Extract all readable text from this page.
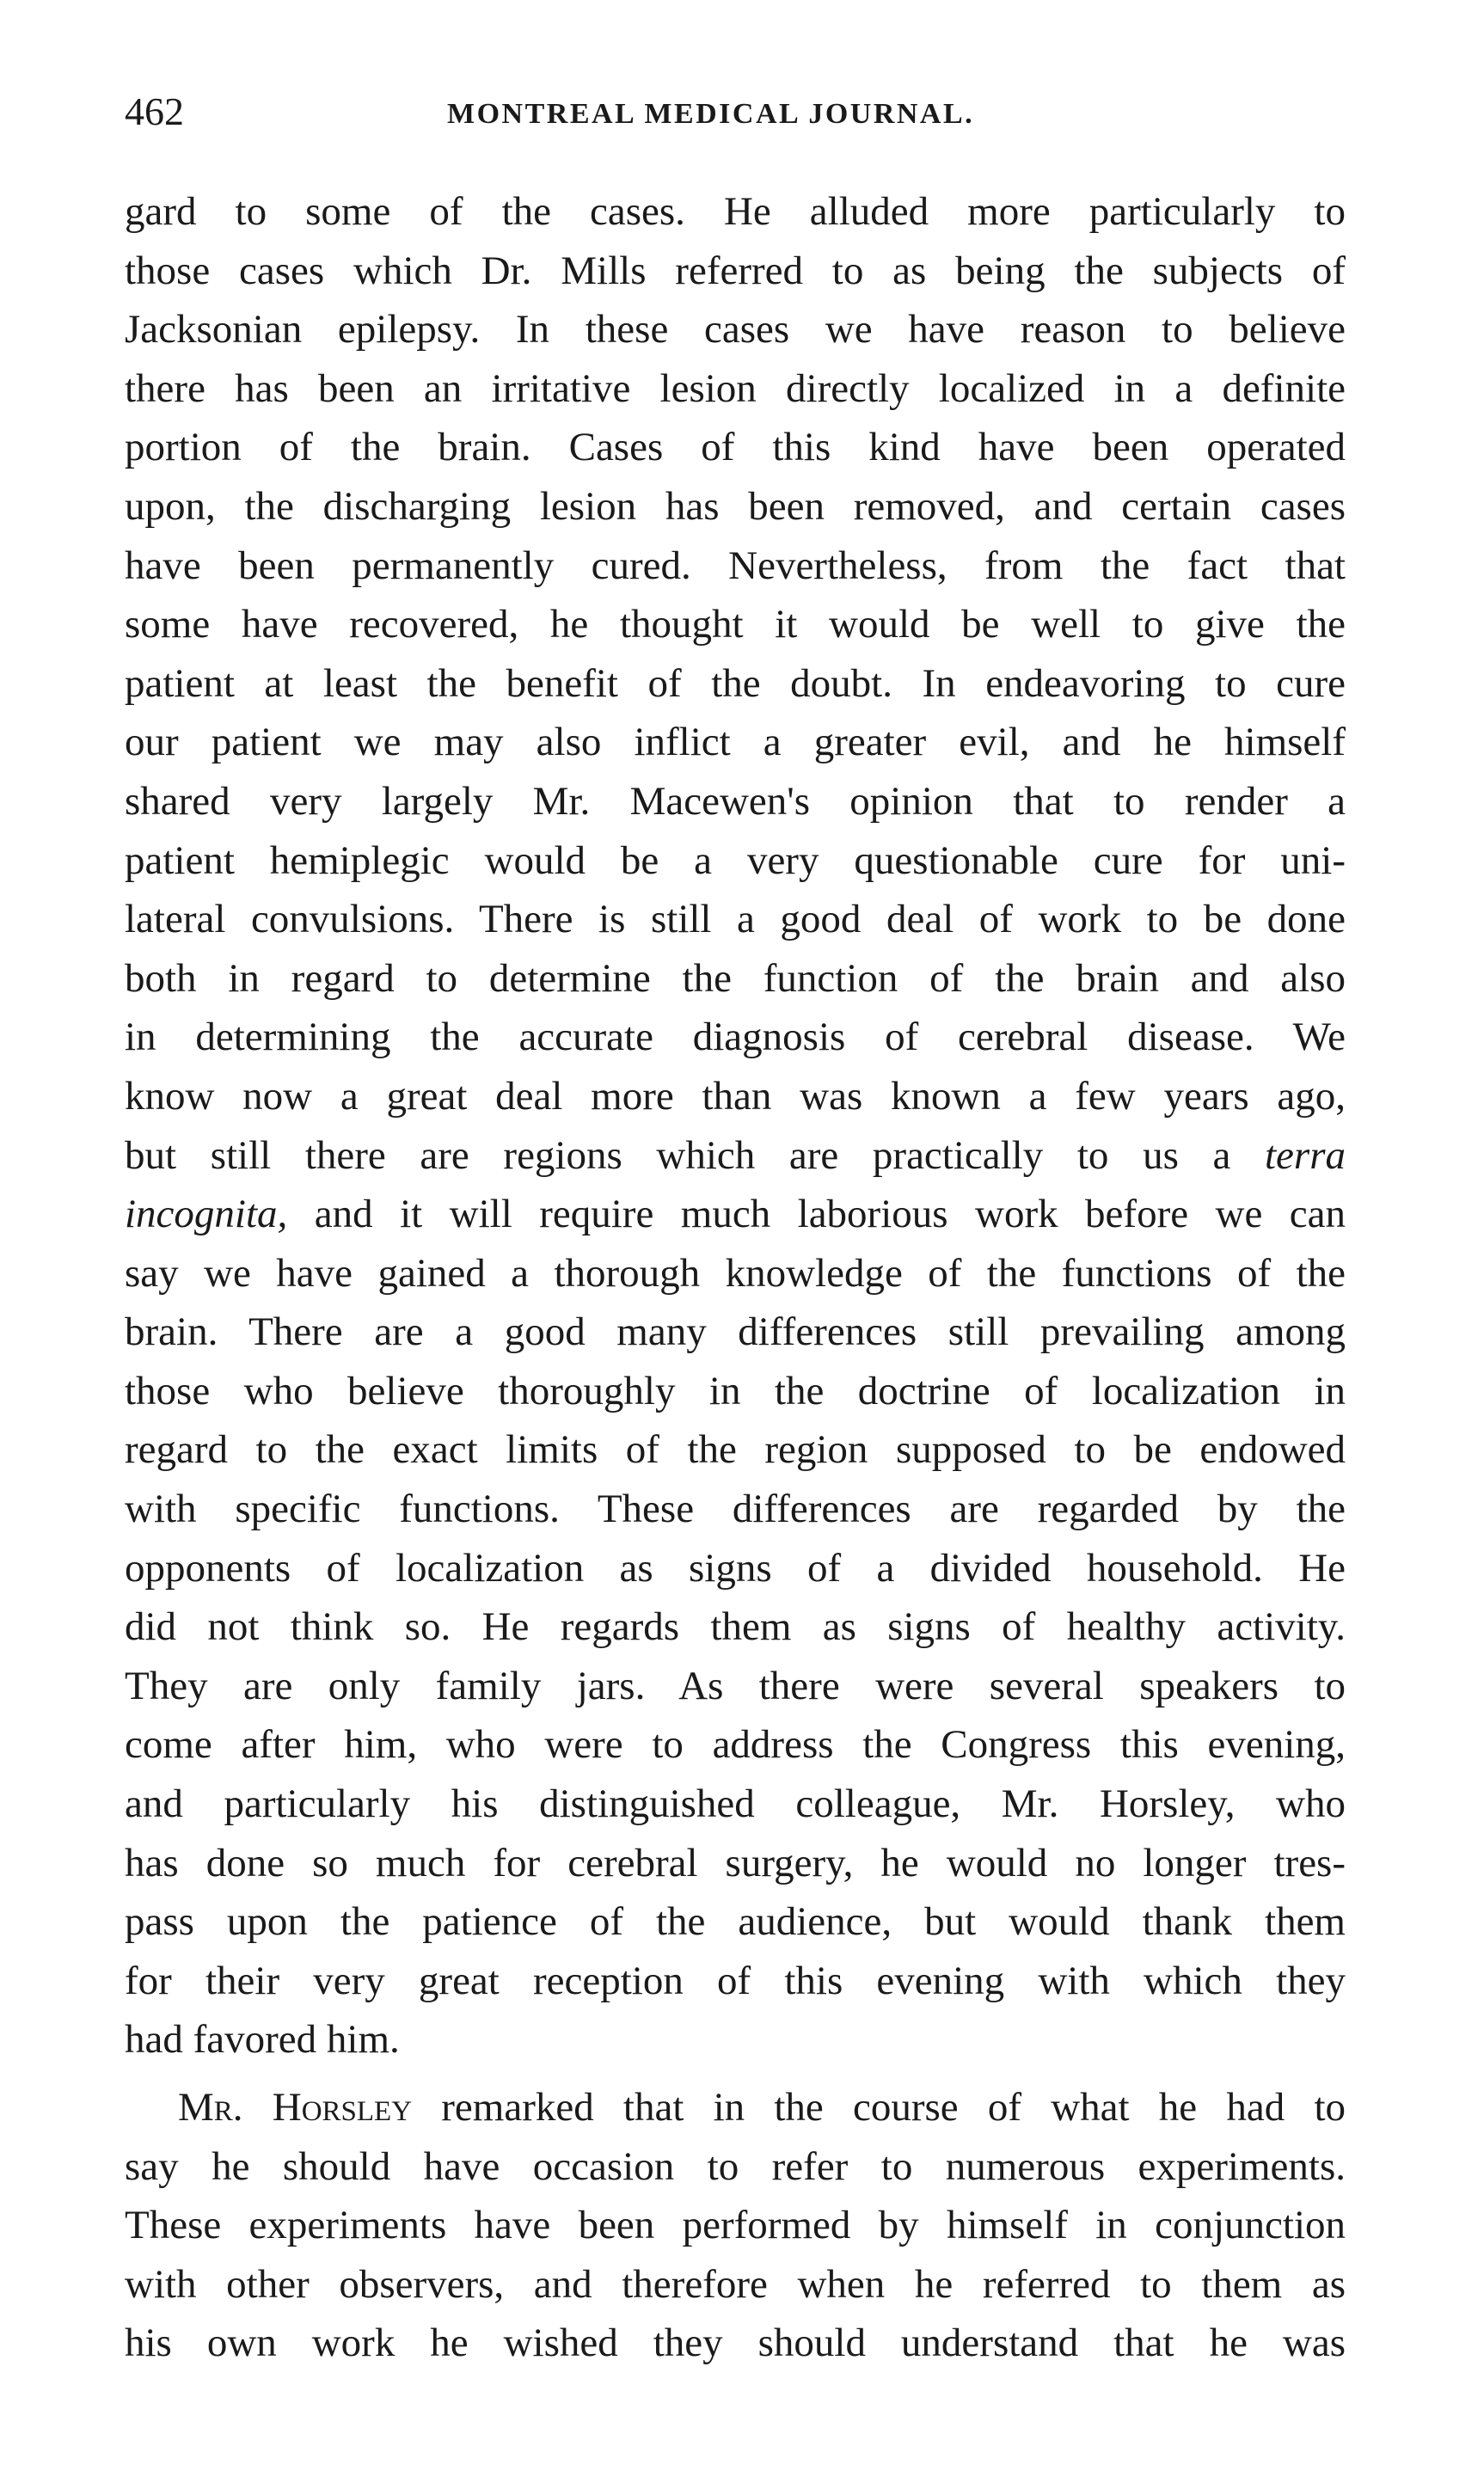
462	MONTREAL MEDICAL JOURNAL.
gard to some of the cases. He alluded more particularly to
those cases which Dr. Mills referred to as being the subjects of
Jacksonian epilepsy. In these cases we have reason to believe
there has been an irritative lesion directly localized in a definite
portion of the brain. Cases of this kind have been operated
upon, the discharging lesion has been removed, and certain cases
have been permanently cured. Nevertheless, from the fact that
some have recovered, he thought it would be well to give the
patient at least the benefit of the doubt. In endeavoring to cure
our patient we may also inflict a greater evil, and he himself
shared very largely Mr. Macewen's opinion that to render a
patient hemiplegic would be a very questionable cure for uni-
lateral convulsions. There is still a good deal of work to be done
both in regard to determine the function of the brain and also
in determining the accurate diagnosis of cerebral disease. We
know now a great deal more than was known a few years ago,
but still there are regions which are practically to us a terra
incognita, and it will require much laborious work before we can
say we have gained a thorough knowledge of the functions of the
brain. There are a good many differences still prevailing among
those who believe thoroughly in the doctrine of localization in
regard to the exact limits of the region supposed to be endowed
with specific functions. These differences are regarded by the
opponents of localization as signs of a divided household. He
did not think so. He regards them as signs of healthy activity.
They are only family jars. As there were several speakers to
come after him, who were to address the Congress this evening,
and particularly his distinguished colleague, Mr. Horsley, who
has done so much for cerebral surgery, he would no longer tres-
pass upon the patience of the audience, but would thank them
for their very great reception of this evening with which they
had favored him.
Mr. Horsley remarked that in the course of what he had to
say he should have occasion to refer to numerous experiments.
These experiments have been performed by himself in conjunction
with other observers, and therefore when he referred to them as
his own work he wished they should understand that he was
